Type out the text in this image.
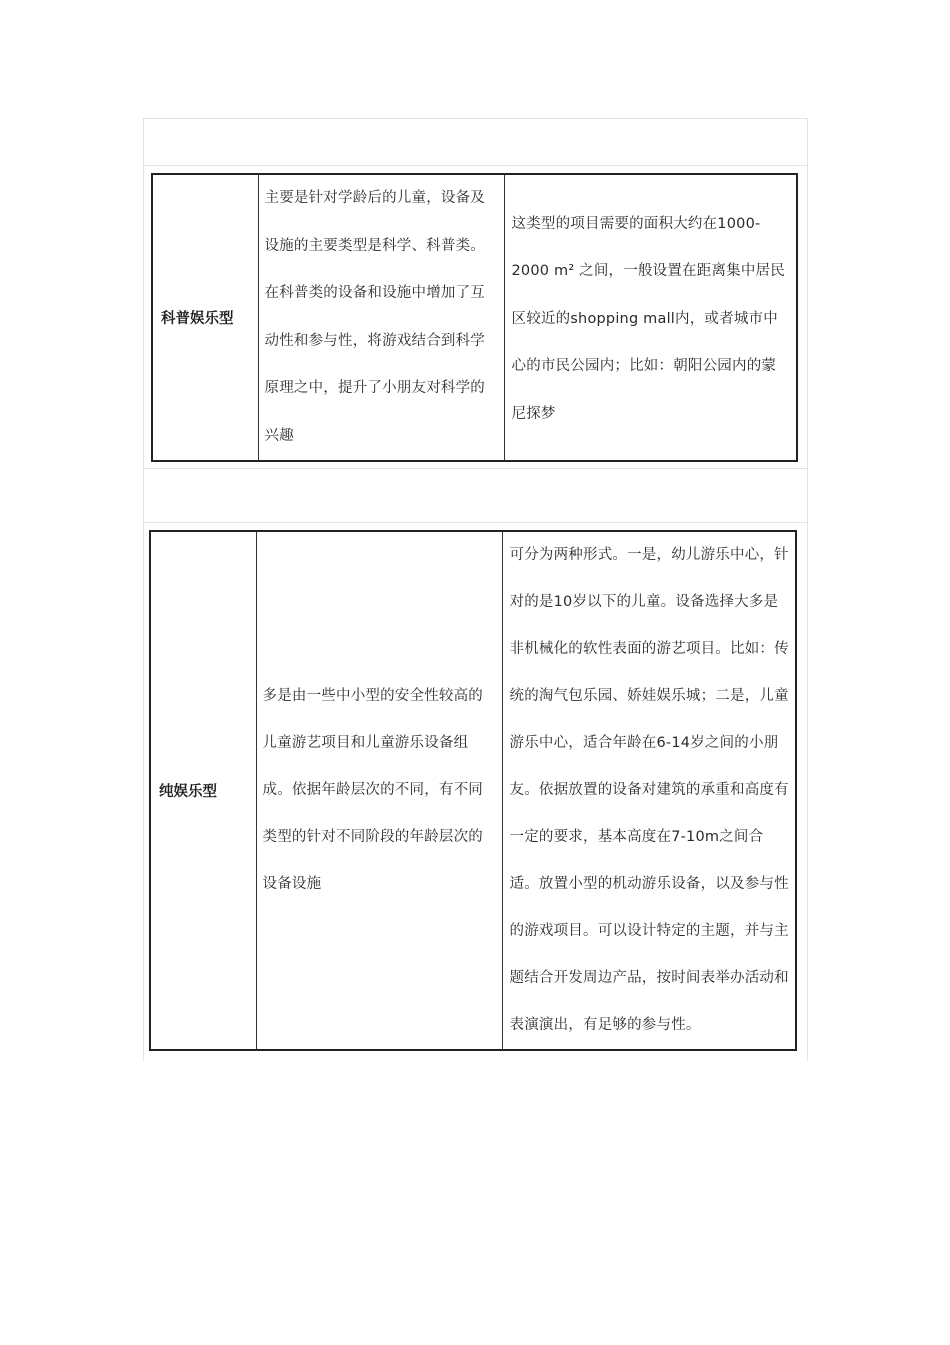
科普娱乐型	主要是针对学龄后的儿童，设备及设施的主要类型是科学、科普类。在科普类的设备和设施中增加了互动性和参与性，将游戏结合到科学原理之中，提升了小朋友对科学的兴趣	这类型的项目需要的面积大约在1000-2000 m² 之间，一般设置在距离集中居民区较近的shopping mall内，或者城市中心的市民公园内；比如：朝阳公园内的蒙尼探梦
纯娱乐型	多是由一些中小型的安全性较高的儿童游艺项目和儿童游乐设备组成。依据年龄层次的不同，有不同类型的针对不同阶段的年龄层次的设备设施	可分为两种形式。一是，幼儿游乐中心，针对的是10岁以下的儿童。设备选择大多是非机械化的软性表面的游艺项目。比如：传统的淘气包乐园、娇娃娱乐城；二是，儿童游乐中心，适合年龄在6-14岁之间的小朋友。依据放置的设备对建筑的承重和高度有一定的要求，基本高度在7-10m之间合适。放置小型的机动游乐设备，以及参与性的游戏项目。可以设计特定的主题，并与主题结合开发周边产品，按时间表举办活动和表演演出，有足够的参与性。
